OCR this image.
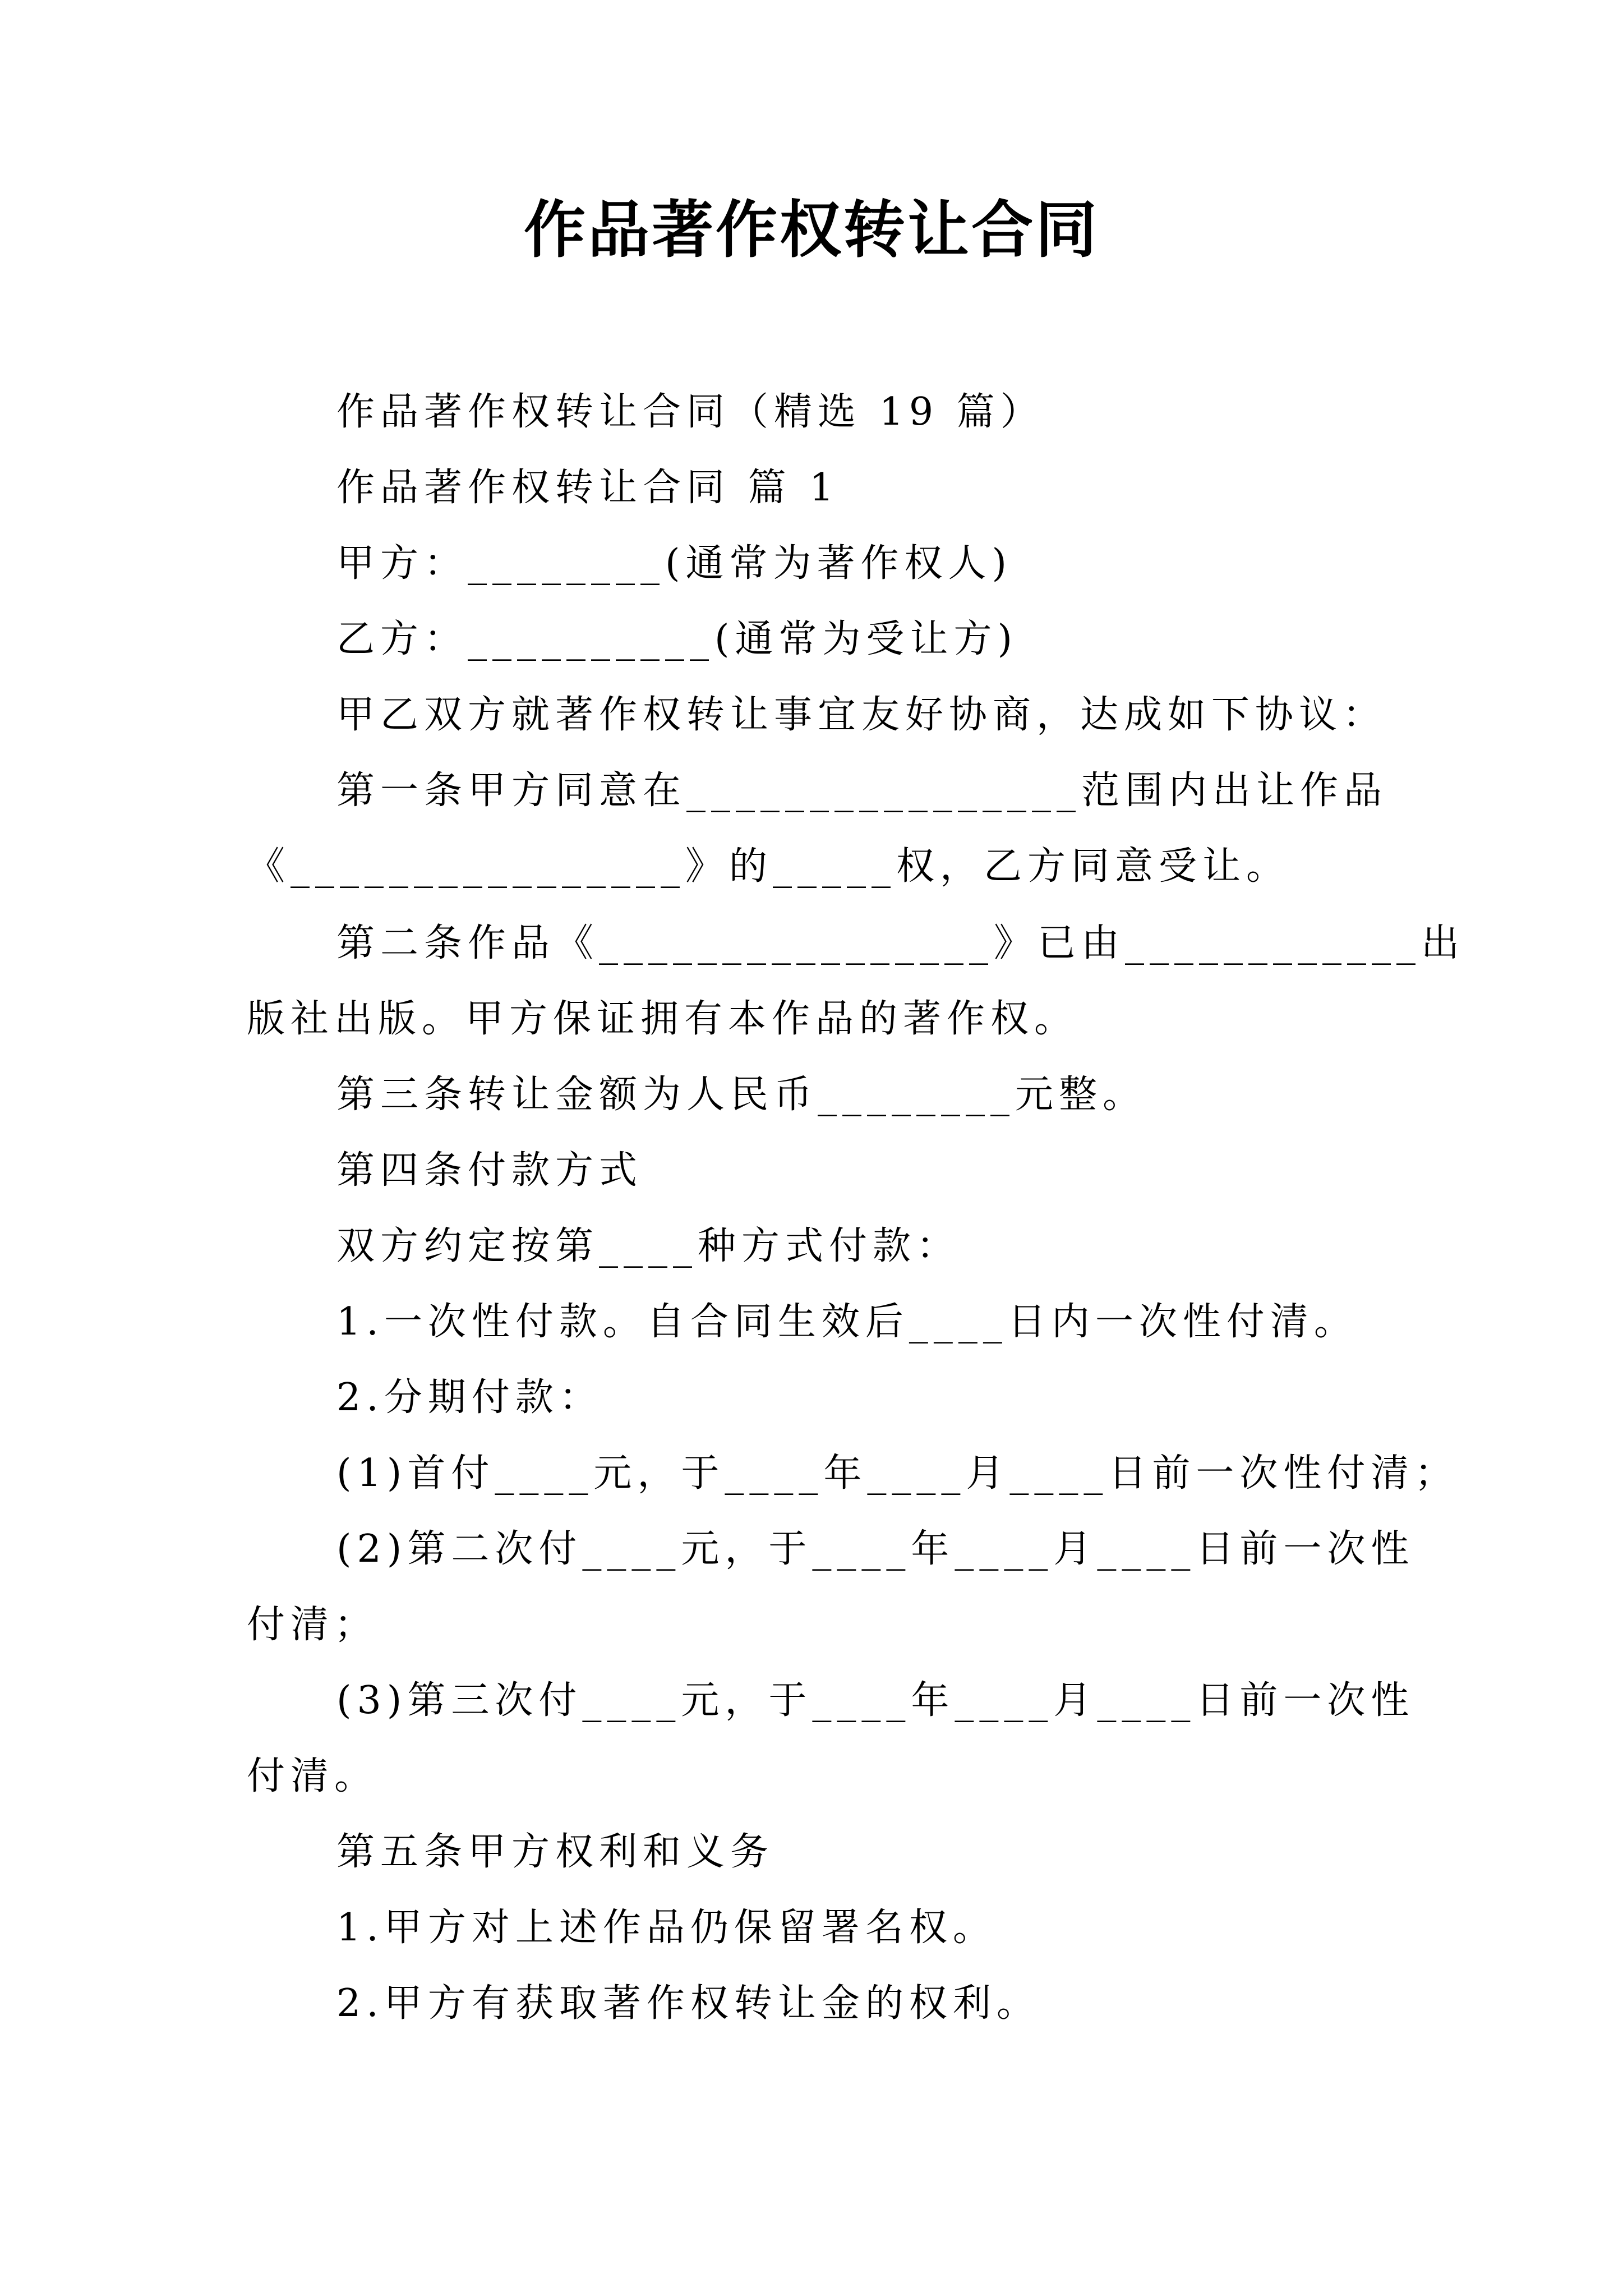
作品著作权转让合同
作品著作权转让合同（精选 19 篇）
作品著作权转让合同 篇 1
甲方：________(通常为著作权人)
乙方：__________(通常为受让方)
甲乙双方就著作权转让事宜友好协商，达成如下协议：
第一条甲方同意在________________范围内出让作品
《________________》的_____权，乙方同意受让。
第二条作品《________________》已由____________出
版社出版。甲方保证拥有本作品的著作权。
第三条转让金额为人民币________元整。
第四条付款方式
双方约定按第____种方式付款：
1.一次性付款。自合同生效后____日内一次性付清。
2.分期付款：
(1)首付____元，于____年____月____日前一次性付清；
(2)第二次付____元，于____年____月____日前一次性
付清；
(3)第三次付____元，于____年____月____日前一次性
付清。
第五条甲方权利和义务
1.甲方对上述作品仍保留署名权。
2.甲方有获取著作权转让金的权利。
